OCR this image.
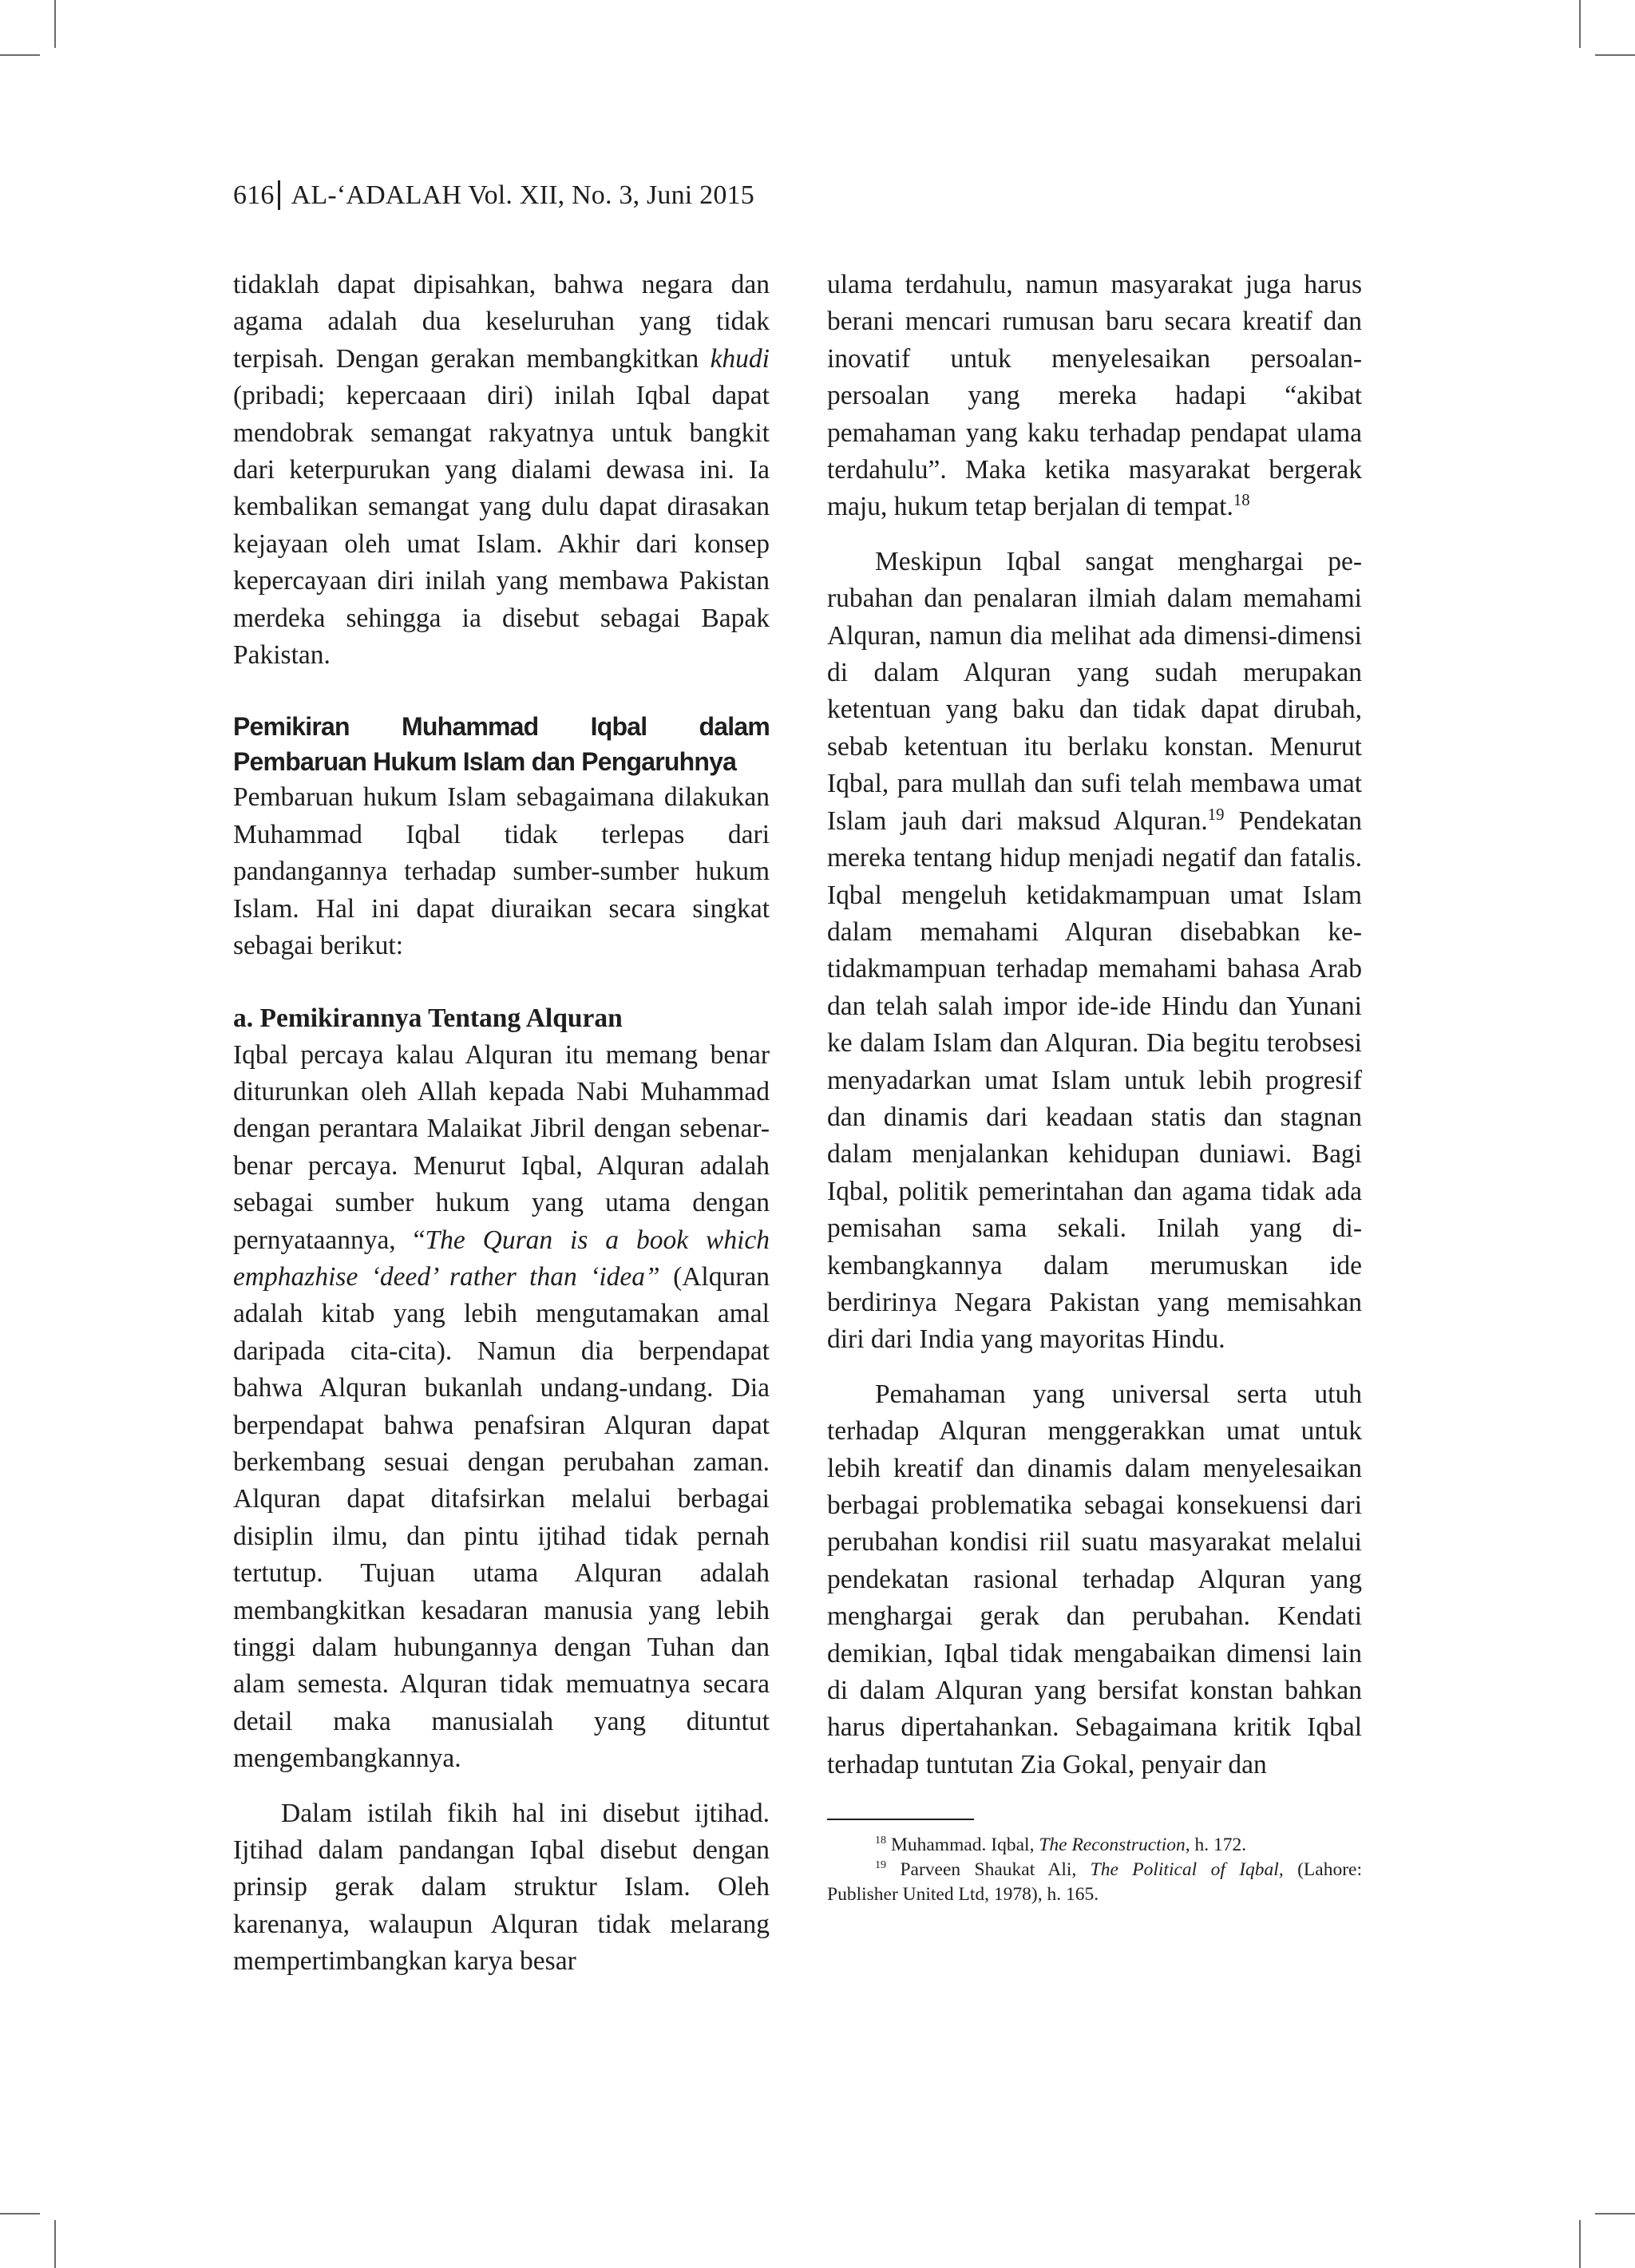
616 AL-‘ADALAH Vol. XII, No. 3, Juni 2015

tidaklah dapat dipisahkan, bahwa negara dan agama adalah dua keseluruhan yang tidak terpisah. Dengan gerakan membangkitkan khudi (pribadi; kepercaaan diri) inilah Iqbal dapat mendobrak semangat rakyatnya untuk bangkit dari keterpurukan yang dialami dewasa ini. Ia kembalikan semangat yang dulu dapat dirasakan kejayaan oleh umat Islam. Akhir dari konsep kepercayaan diri inilah yang membawa Pakistan merdeka sehingga ia disebut sebagai Bapak Pakistan.

Pemikiran Muhammad Iqbal dalam Pembaruan Hukum Islam dan Pengaruhnya

Pembaruan hukum Islam sebagaimana dilakukan Muhammad Iqbal tidak terlepas dari pandangannya terhadap sumber-sumber hukum Islam. Hal ini dapat diuraikan secara singkat sebagai berikut:

a. Pemikirannya Tentang Alquran

Iqbal percaya kalau Alquran itu memang benar diturunkan oleh Allah kepada Nabi Muhammad dengan perantara Malaikat Jibril dengan sebenar-benar percaya. Menurut Iqbal, Alquran adalah sebagai sumber hukum yang utama dengan pernyataannya, “The Quran is a book which emphazhise ‘deed’ rather than ‘idea” (Alquran adalah kitab yang lebih mengutamakan amal daripada cita-cita). Namun dia berpendapat bahwa Alquran bukanlah undang-undang. Dia berpendapat bahwa penafsiran Alquran dapat berkembang sesuai dengan perubahan zaman. Alquran dapat ditafsirkan melalui berbagai disiplin ilmu, dan pintu ijtihad tidak pernah tertutup. Tujuan utama Alquran adalah membangkitkan kesadaran manusia yang lebih tinggi dalam hubungannya dengan Tuhan dan alam semesta. Alquran tidak memuatnya secara detail maka manusialah yang dituntut mengembangkannya.

Dalam istilah fikih hal ini disebut ijtihad. Ijtihad dalam pandangan Iqbal disebut dengan prinsip gerak dalam struktur Islam. Oleh karenanya, walaupun Alquran tidak melarang mempertimbangkan karya besar

ulama terdahulu, namun masyarakat juga harus berani mencari rumusan baru secara kreatif dan inovatif untuk menyelesaikan persoalan-persoalan yang mereka hadapi “akibat pemahaman yang kaku terhadap pendapat ulama terdahulu”. Maka ketika masyarakat bergerak maju, hukum tetap berjalan di tempat.$^{18}$

Meskipun Iqbal sangat menghargai perubahan dan penalaran ilmiah dalam memahami Alquran, namun dia melihat ada dimensi-dimensi di dalam Alquran yang sudah merupakan ketentuan yang baku dan tidak dapat dirubah, sebab ketentuan itu berlaku konstan. Menurut Iqbal, para mullah dan sufi telah membawa umat Islam jauh dari maksud Alquran.$^{19}$ Pendekatan mereka tentang hidup menjadi negatif dan fatalis. Iqbal mengeluh ketidakmampuan umat Islam dalam memahami Alquran disebabkan ketidakmampuan terhadap memahami bahasa Arab dan telah salah impor ide-ide Hindu dan Yunani ke dalam Islam dan Alquran. Dia begitu terobsesi menyadarkan umat Islam untuk lebih progresif dan dinamis dari keadaan statis dan stagnan dalam menjalankan kehidupan duniawi. Bagi Iqbal, politik pemerintahan dan agama tidak ada pemisahan sama sekali. Inilah yang dikembangkannya dalam merumuskan ide berdirinya Negara Pakistan yang memisahkan diri dari India yang mayoritas Hindu.

Pemahaman yang universal serta utuh terhadap Alquran menggerakkan umat untuk lebih kreatif dan dinamis dalam menyelesaikan berbagai problematika sebagai konsekuensi dari perubahan kondisi riil suatu masyarakat melalui pendekatan rasional terhadap Alquran yang menghargai gerak dan perubahan. Kendati demikian, Iqbal tidak mengabaikan dimensi lain di dalam Alquran yang bersifat konstan bahkan harus dipertahankan. Sebagaimana kritik Iqbal terhadap tuntutan Zia Gokal, penyair dan

$^{18}$ Muhammad. Iqbal, The Reconstruction, h. 172.

$^{19}$ Parveen Shaukat Ali, The Political of Iqbal, (Lahore: Publisher United Ltd, 1978), h. 165.
